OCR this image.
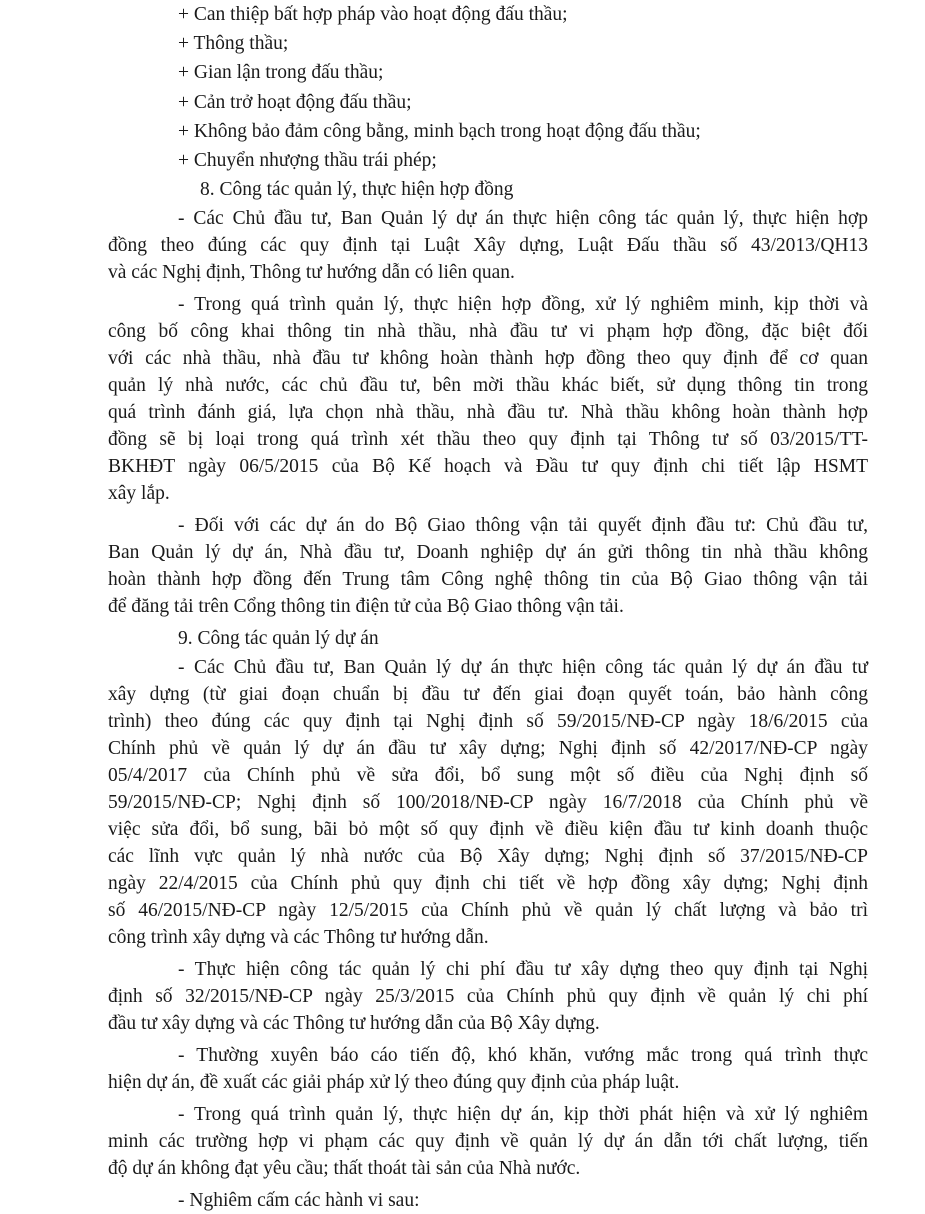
+ Can thiệp bất hợp pháp vào hoạt động đấu thầu;
+ Thông thầu;
+ Gian lận trong đấu thầu;
+ Cản trở hoạt động đấu thầu;
+ Không bảo đảm công bằng, minh bạch trong hoạt động đấu thầu;
+ Chuyển nhượng thầu trái phép;
8. Công tác quản lý, thực hiện hợp đồng
- Các Chủ đầu tư, Ban Quản lý dự án thực hiện công tác quản lý, thực hiện hợp
đồng theo đúng các quy định tại Luật Xây dựng, Luật Đấu thầu số 43/2013/QH13
và các Nghị định, Thông tư hướng dẫn có liên quan.
- Trong quá trình quản lý, thực hiện hợp đồng, xử lý nghiêm minh, kịp thời và
công bố công khai thông tin nhà thầu, nhà đầu tư vi phạm hợp đồng, đặc biệt đối
với các nhà thầu, nhà đầu tư không hoàn thành hợp đồng theo quy định để cơ quan
quản lý nhà nước, các chủ đầu tư, bên mời thầu khác biết, sử dụng thông tin trong
quá trình đánh giá, lựa chọn nhà thầu, nhà đầu tư. Nhà thầu không hoàn thành hợp
đồng sẽ bị loại trong quá trình xét thầu theo quy định tại Thông tư số 03/2015/TT-
BKHĐT ngày 06/5/2015 của Bộ Kế hoạch và Đầu tư quy định chi tiết lập HSMT
xây lắp.
- Đối với các dự án do Bộ Giao thông vận tải quyết định đầu tư: Chủ đầu tư,
Ban Quản lý dự án, Nhà đầu tư, Doanh nghiệp dự án gửi thông tin nhà thầu không
hoàn thành hợp đồng đến Trung tâm Công nghệ thông tin của Bộ Giao thông vận tải
để đăng tải trên Cổng thông tin điện tử của Bộ Giao thông vận tải.
9. Công tác quản lý dự án
- Các Chủ đầu tư, Ban Quản lý dự án thực hiện công tác quản lý dự án đầu tư
xây dựng (từ giai đoạn chuẩn bị đầu tư đến giai đoạn quyết toán, bảo hành công
trình) theo đúng các quy định tại Nghị định số 59/2015/NĐ-CP ngày 18/6/2015 của
Chính phủ về quản lý dự án đầu tư xây dựng; Nghị định số 42/2017/NĐ-CP ngày
05/4/2017 của Chính phủ về sửa đổi, bổ sung một số điều của Nghị định số
59/2015/NĐ-CP; Nghị định số 100/2018/NĐ-CP ngày 16/7/2018 của Chính phủ về
việc sửa đổi, bổ sung, bãi bỏ một số quy định về điều kiện đầu tư kinh doanh thuộc
các lĩnh vực quản lý nhà nước của Bộ Xây dựng; Nghị định số 37/2015/NĐ-CP
ngày 22/4/2015 của Chính phủ quy định chi tiết về hợp đồng xây dựng; Nghị định
số 46/2015/NĐ-CP ngày 12/5/2015 của Chính phủ về quản lý chất lượng và bảo trì
công trình xây dựng và các Thông tư hướng dẫn.
- Thực hiện công tác quản lý chi phí đầu tư xây dựng theo quy định tại Nghị
định số 32/2015/NĐ-CP ngày 25/3/2015 của Chính phủ quy định về quản lý chi phí
đầu tư xây dựng và các Thông tư hướng dẫn của Bộ Xây dựng.
- Thường xuyên báo cáo tiến độ, khó khăn, vướng mắc trong quá trình thực
hiện dự án, đề xuất các giải pháp xử lý theo đúng quy định của pháp luật.
- Trong quá trình quản lý, thực hiện dự án, kịp thời phát hiện và xử lý nghiêm
minh các trường hợp vi phạm các quy định về quản lý dự án dẫn tới chất lượng, tiến
độ dự án không đạt yêu cầu; thất thoát tài sản của Nhà nước.
- Nghiêm cấm các hành vi sau:
